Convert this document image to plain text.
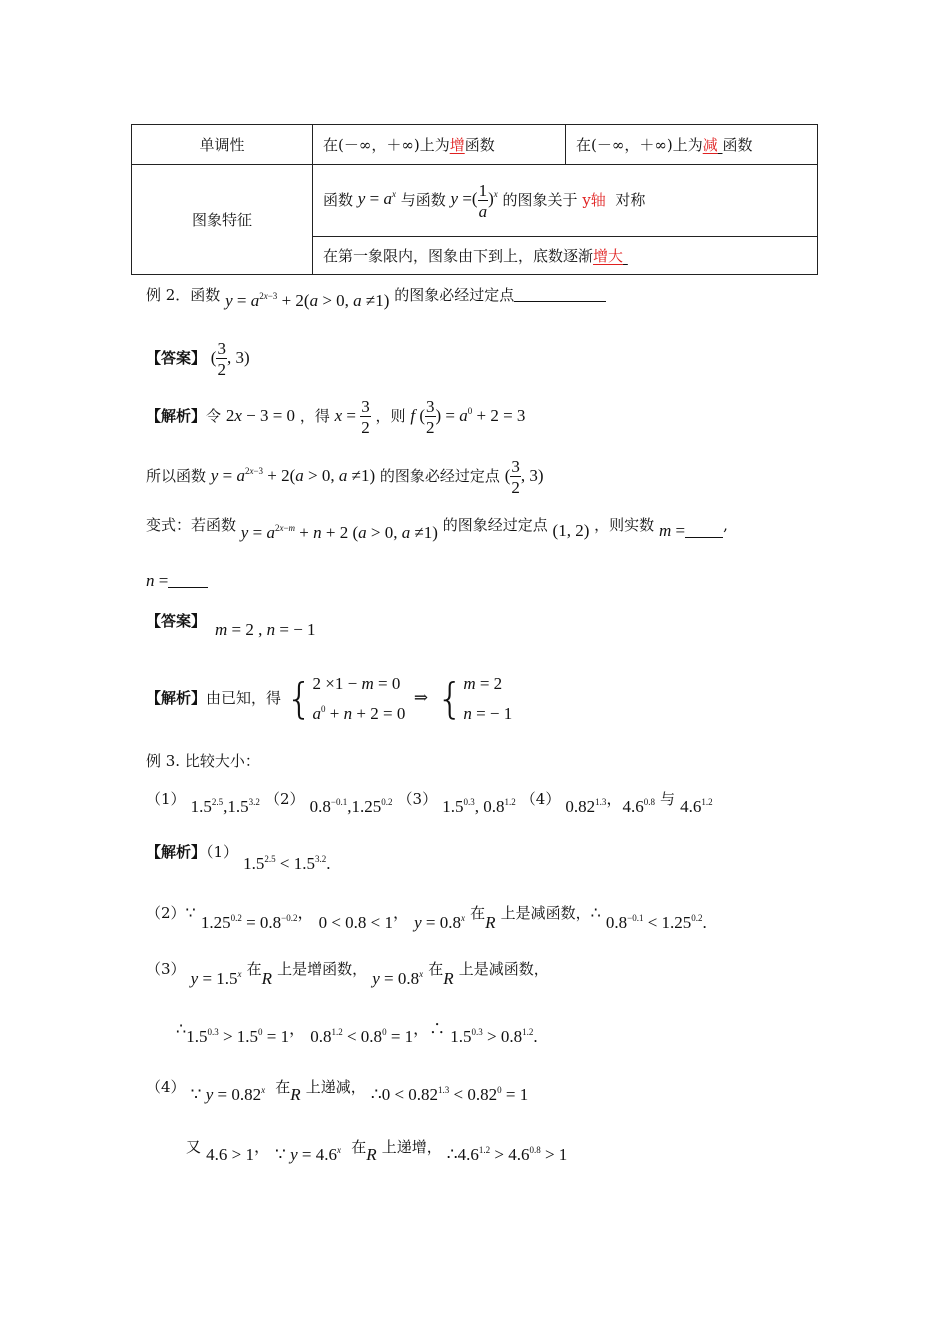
单调性	在(－∞，＋∞)上为增函数	在(－∞，＋∞)上为减 函数
图象特征	函数 $y = a^x$ 与函数 y =( $\frac{1}{a} )^x$ 的图象关于 y轴 对称	
	在第一象限内，图象由下到上，底数逐渐增大	
例 2．函数 $y = a^{2x-3} + 2(a > 0$, a ≠1) 的图象必经过定点
【答案】 ( $\frac{3}{2}$ , 3)
【解析】令 2x − 3 = 0 ，得 $x = \frac{3}{2}$ ，则 f ( $\frac{3}{2}$ ) = $a^0 + 2 = 3$
所以函数 $y = a^{2x-3} + 2(a > 0$, a ≠1) 的图象必经过定点 ( $\frac{3}{2}$ , 3)
变式：若函数 $y = a^{2x-m} + n + 2$ (a > 0, a ≠1) 的图象经过定点 (1, 2) ，则实数 m =	,
n =
【答案】 m = 2 , n = − 1
【解析】由已知，得 {2 ×1 − m = 0
$a^0 + n + 2 = 0$  ⇒  {m = 2
n = − 1
例 3. 比较大小：
（1） $1.5^{2.5},1.5^{3.2}$ （2） $0.8^{-0.1},1.25^{0.2}$ （3） $1.5^{0.3}$, $0.8^{1.2}$ （4） $0.82^{1.3}$，$4.6^{0.8}$ 与 $4.6^{1.2}$
【解析】（1） $1.5^{2.5} < 1.5^{3.2}$.
（2）∵ $1.25^{0.2} = 0.8^{-0.2}$， 0 < 0.8 < 1， $y = 0.8^x$ 在R 上是减函数，∴ $0.8^{-0.1} < 1.25^{0.2}$.
（3） $y = 1.5^x$ 在R 上是增函数， $y = 0.8^x$ 在R 上是减函数，
$\therefore 1.5^{0.3} > 1.5^0 = 1$， $0.8^{1.2} < 0.8^0 = 1$，∴ $1.5^{0.3} > 0.8^{1.2}$.
（4） ∵ $y = 0.82^x$ 在R 上递减， ∴0 < $0.82^{1.3} < 0.82^0 = 1$
又 4.6 > 1， ∵ $y = 4.6^x$ 在R 上递增， $\therefore 4.6^{1.2} > 4.6^{0.8} > 1$
